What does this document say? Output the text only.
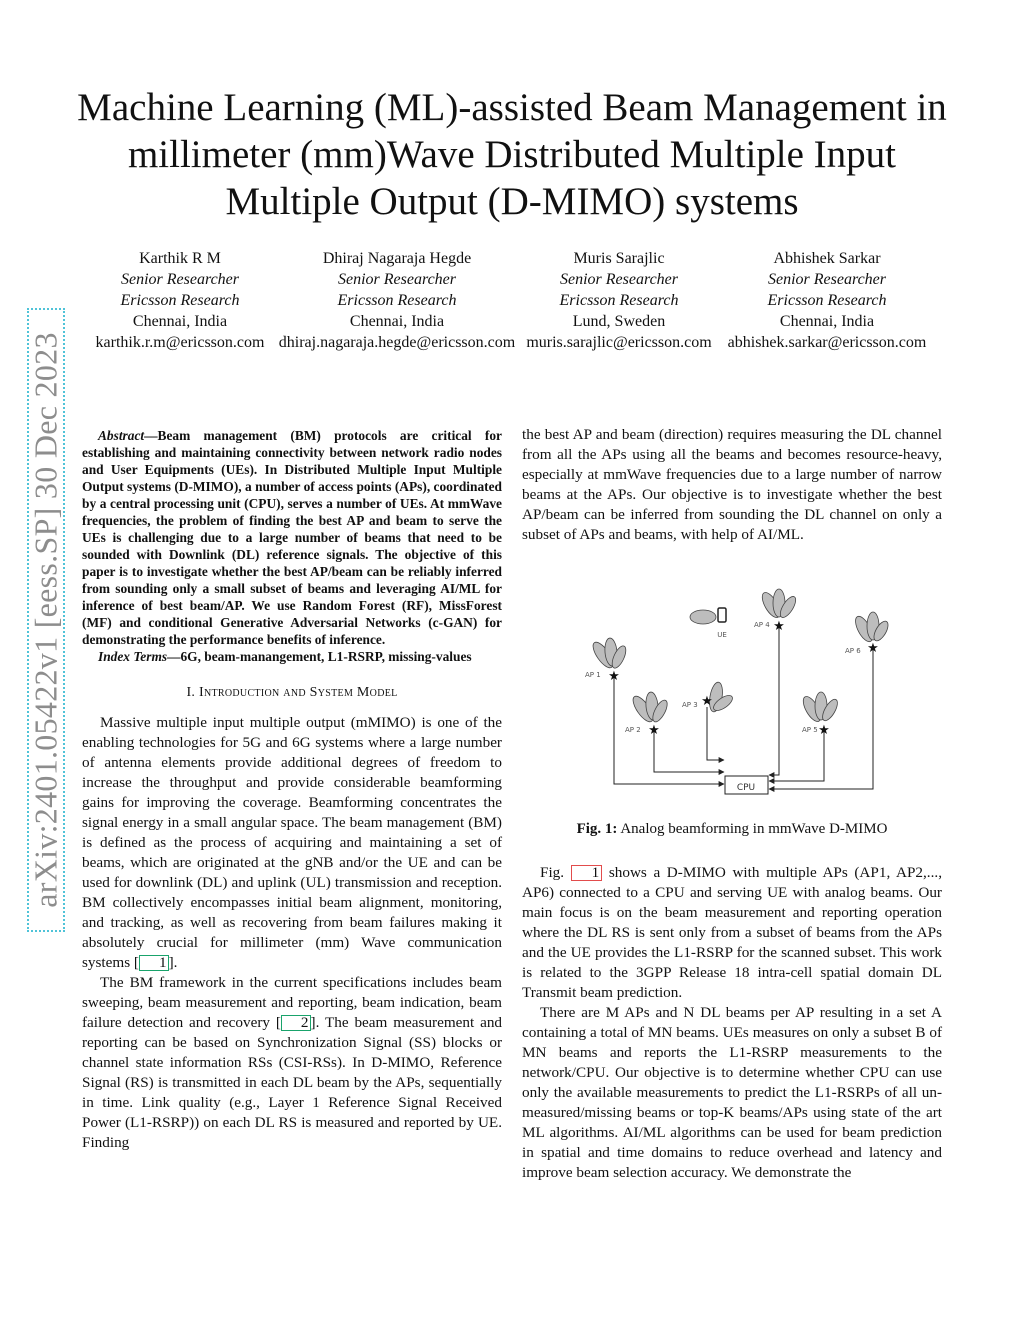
Machine Learning (ML)-assisted Beam Management in millimeter (mm)Wave Distributed Multiple Input Multiple Output (D-MIMO) systems
Karthik R M
Senior Researcher
Ericsson Research
Chennai, India
karthik.r.m@ericsson.com
Dhiraj Nagaraja Hegde
Senior Researcher
Ericsson Research
Chennai, India
dhiraj.nagaraja.hegde@ericsson.com
Muris Sarajlic
Senior Researcher
Ericsson Research
Lund, Sweden
muris.sarajlic@ericsson.com
Abhishek Sarkar
Senior Researcher
Ericsson Research
Chennai, India
abhishek.sarkar@ericsson.com
arXiv:2401.05422v1 [eess.SP] 30 Dec 2023	Abstract—Beam management (BM) protocols are critical for establishing and maintaining connectivity between network radio nodes and User Equipments (UEs). In Distributed Multiple Input Multiple Output systems (D-MIMO), a number of access points (APs), coordinated by a central processing unit (CPU), serves a number of UEs. At mmWave frequencies, the problem of finding the best AP and beam to serve the UEs is challenging due to a large number of beams that need to be sounded with Downlink (DL) reference signals. The objective of this paper is to investigate whether the best AP/beam can be reliably inferred from sounding only a small subset of beams and leveraging AI/ML for inference of best beam/AP. We use Random Forest (RF), MissForest (MF) and conditional Generative Adversarial Networks (c-GAN) for demonstrating the performance benefits of inference.

Index Terms—6G, beam-manangement, L1-RSRP, missing-values

I. Introduction and System Model

Massive multiple input multiple output (mMIMO) is one of the enabling technologies for 5G and 6G systems where a large number of antenna elements provide additional degrees of freedom to increase the throughput and provide considerable beamforming gains for improving the coverage. Beamforming concentrates the signal energy in a small angular space. The beam management (BM) is defined as the process of acquiring and maintaining a set of beams, which are originated at the gNB and/or the UE and can be used for downlink (DL) and uplink (UL) transmission and reception. BM collectively encompasses initial beam alignment, monitoring, and tracking, as well as recovering from beam failures making it absolutely crucial for millimeter (mm) Wave communication systems [ 1 ].

The BM framework in the current specifications includes beam sweeping, beam measurement and reporting, beam indication, beam failure detection and recovery [ 2 ]. The beam measurement and reporting can be based on Synchronization Signal (SS) blocks or channel state information RSs (CSI-RSs). In D-MIMO, Reference Signal (RS) is transmitted in each DL beam by the APs, sequentially in time. Link quality (e.g., Layer 1 Reference Signal Received Power (L1-RSRP)) on each DL RS is measured and reported by UE. Finding

the best AP and beam (direction) requires measuring the DL channel from all the APs using all the beams and becomes resource-heavy, especially at mmWave frequencies due to a large number of narrow beams at the APs. Our objective is to investigate whether the best AP/beam can be inferred from sounding the DL channel on only a subset of APs and beams, with help of AI/ML.

CPU
UE
★
★
★
★
★
★
AP 1
AP 2
AP 3
AP 4
AP 5
AP 6
Fig. 1: Analog beamforming in mmWave D-MIMO

Fig. 1 shows a D-MIMO with multiple APs (AP1, AP2,..., AP6) connected to a CPU and serving UE with analog beams. Our main focus is on the beam measurement and reporting operation where the DL RS is sent only from a subset of beams from the APs and the UE provides the L1-RSRP for the scanned subset. This work is related to the 3GPP Release 18 intra-cell spatial domain DL Transmit beam prediction.

There are M APs and N DL beams per AP resulting in a set A containing a total of MN beams. UEs measures on only a subset B of MN beams and reports the L1-RSRP measurements to the network/CPU. Our objective is to determine whether CPU can use only the available measurements to predict the L1-RSRPs of all un-measured/missing beams or top-K beams/APs using state of the art ML algorithms. AI/ML algorithms can be used for beam prediction in spatial and time domains to reduce overhead and latency and improve beam selection accuracy. We demonstrate the
